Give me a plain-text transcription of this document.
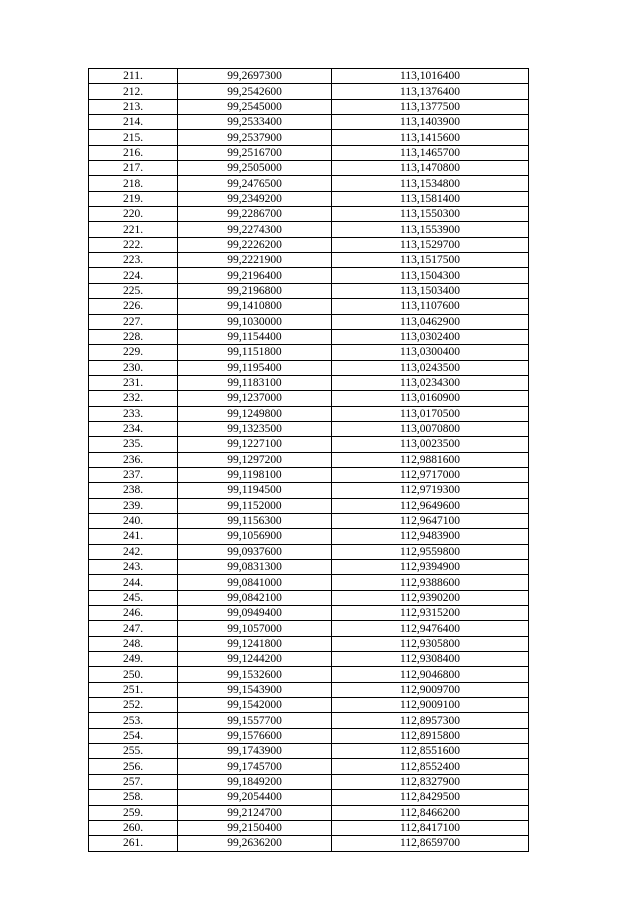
211.	99,2697300	113,1016400
212.	99,2542600	113,1376400
213.	99,2545000	113,1377500
214.	99,2533400	113,1403900
215.	99,2537900	113,1415600
216.	99,2516700	113,1465700
217.	99,2505000	113,1470800
218.	99,2476500	113,1534800
219.	99,2349200	113,1581400
220.	99,2286700	113,1550300
221.	99,2274300	113,1553900
222.	99,2226200	113,1529700
223.	99,2221900	113,1517500
224.	99,2196400	113,1504300
225.	99,2196800	113,1503400
226.	99,1410800	113,1107600
227.	99,1030000	113,0462900
228.	99,1154400	113,0302400
229.	99,1151800	113,0300400
230.	99,1195400	113,0243500
231.	99,1183100	113,0234300
232.	99,1237000	113,0160900
233.	99,1249800	113,0170500
234.	99,1323500	113,0070800
235.	99,1227100	113,0023500
236.	99,1297200	112,9881600
237.	99,1198100	112,9717000
238.	99,1194500	112,9719300
239.	99,1152000	112,9649600
240.	99,1156300	112,9647100
241.	99,1056900	112,9483900
242.	99,0937600	112,9559800
243.	99,0831300	112,9394900
244.	99,0841000	112,9388600
245.	99,0842100	112,9390200
246.	99,0949400	112,9315200
247.	99,1057000	112,9476400
248.	99,1241800	112,9305800
249.	99,1244200	112,9308400
250.	99,1532600	112,9046800
251.	99,1543900	112,9009700
252.	99,1542000	112,9009100
253.	99,1557700	112,8957300
254.	99,1576600	112,8915800
255.	99,1743900	112,8551600
256.	99,1745700	112,8552400
257.	99,1849200	112,8327900
258.	99,2054400	112,8429500
259.	99,2124700	112,8466200
260.	99,2150400	112,8417100
261.	99,2636200	112,8659700
